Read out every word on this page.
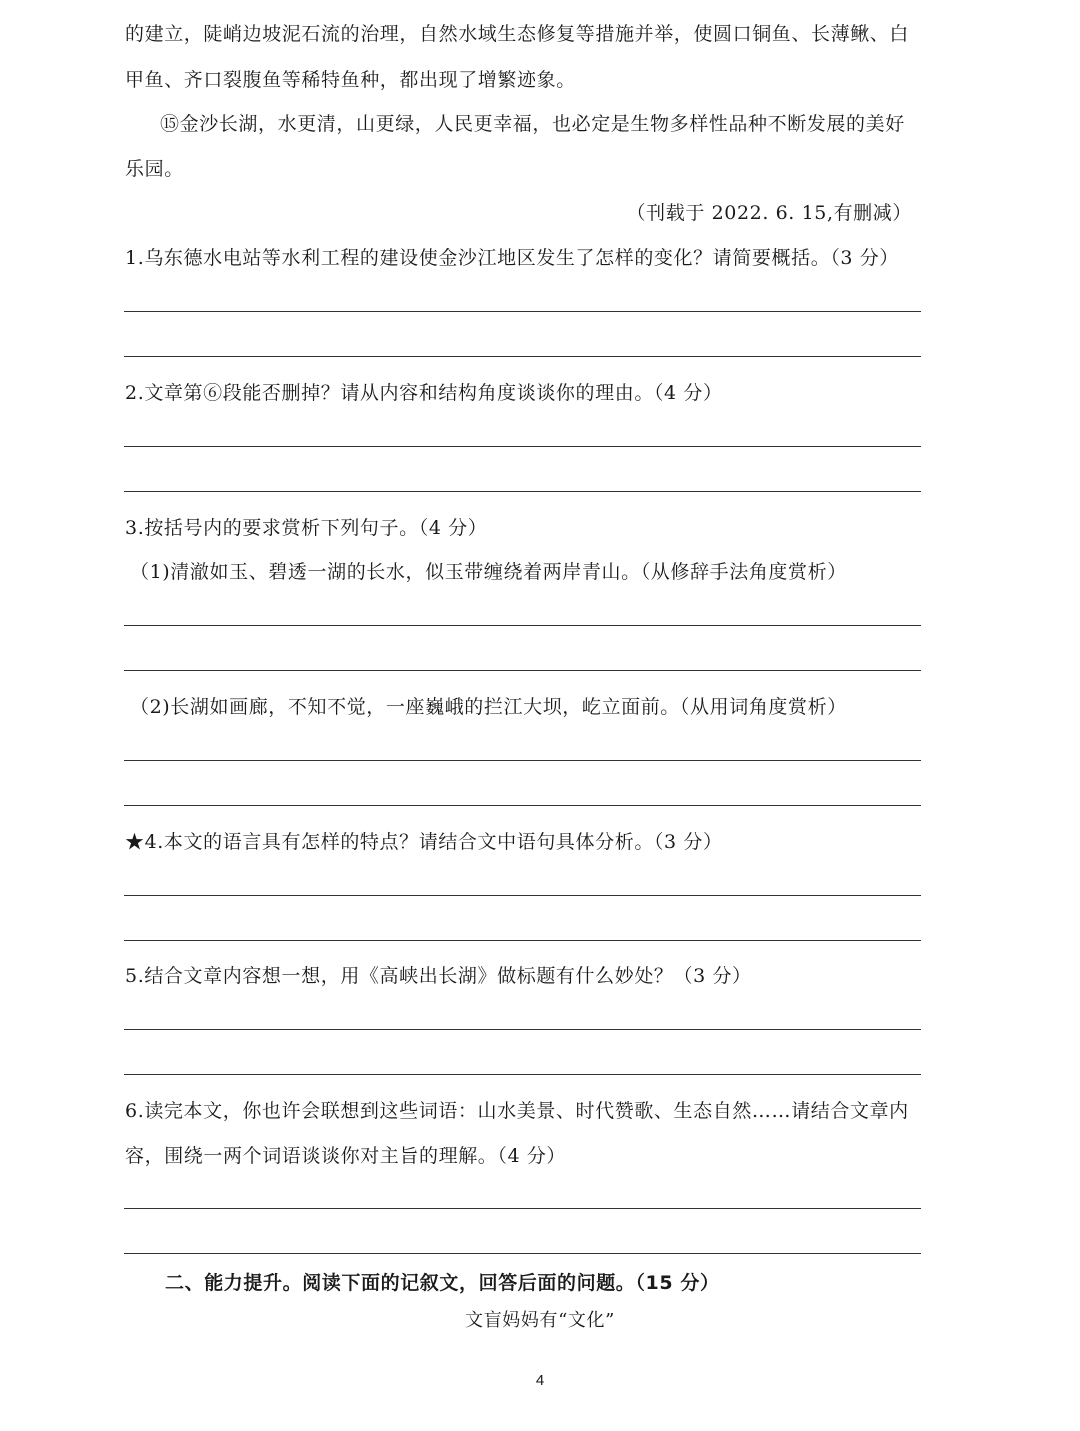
的建立，陡峭边坡泥石流的治理，自然水域生态修复等措施并举，使圆口铜鱼、长薄鳅、白
甲鱼、齐口裂腹鱼等稀特鱼种，都出现了增繁迹象。
⑮金沙长湖，水更清，山更绿，人民更幸福，也必定是生物多样性品种不断发展的美好
乐园。
（刊载于 2022. 6. 15,有删减）
1.乌东德水电站等水利工程的建设使金沙江地区发生了怎样的变化？请简要概括。（3 分）
2.文章第⑥段能否删掉？请从内容和结构角度谈谈你的理由。（4 分）
3.按括号内的要求赏析下列句子。（4 分）
（1)清澈如玉、碧透一湖的长水，似玉带缠绕着两岸青山。（从修辞手法角度赏析）
（2)长湖如画廊，不知不觉，一座巍峨的拦江大坝，屹立面前。（从用词角度赏析）
★4.本文的语言具有怎样的特点？请结合文中语句具体分析。（3 分）
5.结合文章内容想一想，用《高峡出长湖》做标题有什么妙处？（3 分）
6.读完本文，你也许会联想到这些词语：山水美景、时代赞歌、生态自然……请结合文章内
容，围绕一两个词语谈谈你对主旨的理解。（4 分）
二、能力提升。阅读下面的记叙文，回答后面的问题。（15 分）
文盲妈妈有“文化”
4
